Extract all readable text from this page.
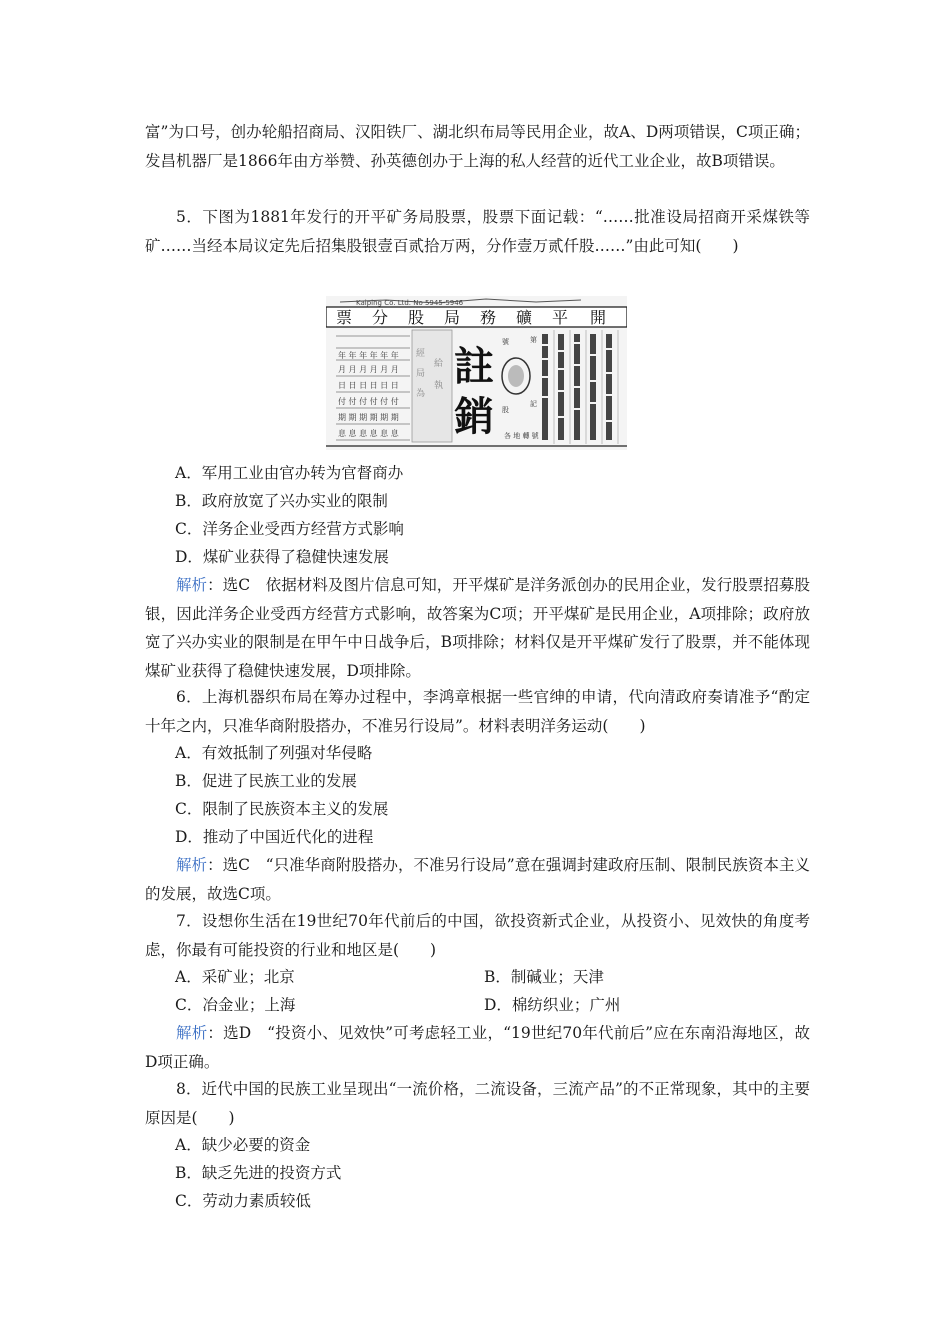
富”为口号，创办轮船招商局、汉阳铁厂、湖北织布局等民用企业，故A、D两项错误，C项正确；发昌机器厂是1866年由方举赞、孙英德创办于上海的私人经营的近代工业企业，故B项错误。

5．下图为1881年发行的开平矿务局股票，股票下面记载：“……批准设局招商开采煤铁等矿……当经本局议定先后招集股银壹百贰拾万两，分作壹万贰仟股……”由此可知(　　)

Kaiping Co. Ltd. No 5945-5946
票 分 股 局 務 礦 平 開
年 年 年 年 年 年
月 月 月 月 月 月
日 日 日 日 日 日
付 付 付 付 付 付
期 期 期 期 期 期
息 息 息 息 息 息
經
局
為
給
執 註
銷
號
股
第
記
各 地 轉 號
A．军用工业由官办转为官督商办
B．政府放宽了兴办实业的限制
C．洋务企业受西方经营方式影响
D．煤矿业获得了稳健快速发展

解析：选C　依据材料及图片信息可知，开平煤矿是洋务派创办的民用企业，发行股票招募股银，因此洋务企业受西方经营方式影响，故答案为C项；开平煤矿是民用企业，A项排除；政府放宽了兴办实业的限制是在甲午中日战争后，B项排除；材料仅是开平煤矿发行了股票，并不能体现煤矿业获得了稳健快速发展，D项排除。

6．上海机器织布局在筹办过程中，李鸿章根据一些官绅的申请，代向清政府奏请准予“酌定十年之内，只准华商附股搭办，不准另行设局”。材料表明洋务运动(　　)

A．有效抵制了列强对华侵略
B．促进了民族工业的发展
C．限制了民族资本主义的发展
D．推动了中国近代化的进程

解析：选C　“只准华商附股搭办，不准另行设局”意在强调封建政府压制、限制民族资本主义的发展，故选C项。

7．设想你生活在19世纪70年代前后的中国，欲投资新式企业，从投资小、见效快的角度考虑，你最有可能投资的行业和地区是(　　)

A．采矿业；北京	B．制碱业；天津
C．冶金业；上海	D．棉纺织业；广州

解析：选D　“投资小、见效快”可考虑轻工业，“19世纪70年代前后”应在东南沿海地区，故D项正确。

8．近代中国的民族工业呈现出“一流价格，二流设备，三流产品”的不正常现象，其中的主要原因是(　　)

A．缺少必要的资金
B．缺乏先进的投资方式
C．劳动力素质较低
